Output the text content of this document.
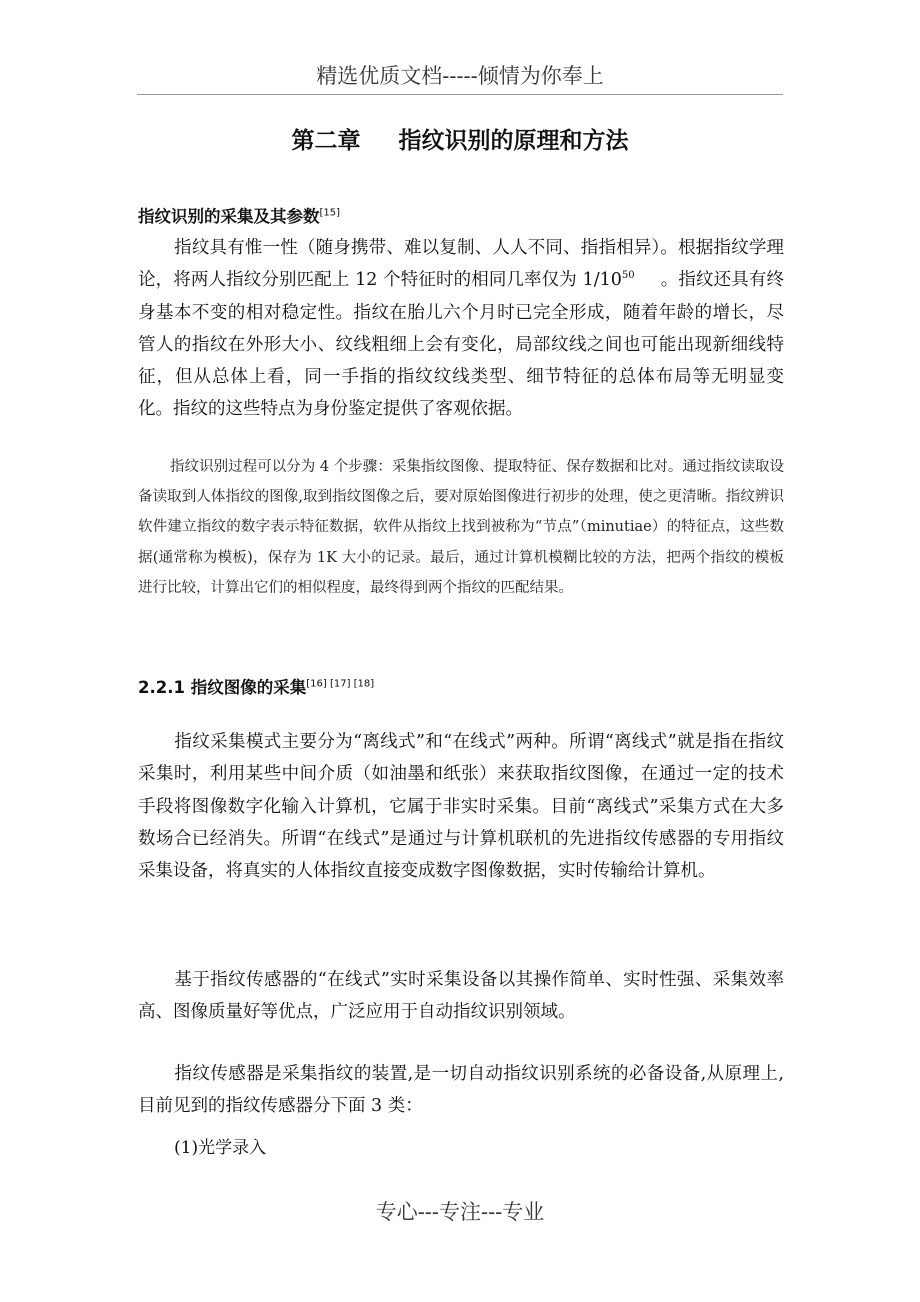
精选优质文档-----倾情为你奉上
第二章 指纹识别的原理和方法
指纹识别的采集及其参数[15]

指纹具有惟一性（随身携带、难以复制、人人不同、指指相异）。根据指纹学理论，将两人指纹分别匹配上 12 个特征时的相同几率仅为 $1/10^{50}$ 。指纹还具有终身基本不变的相对稳定性。指纹在胎儿六个月时已完全形成，随着年龄的增长，尽管人的指纹在外形大小、纹线粗细上会有变化，局部纹线之间也可能出现新细线特征，但从总体上看，同一手指的指纹纹线类型、细节特征的总体布局等无明显变化。指纹的这些特点为身份鉴定提供了客观依据。

指纹识别过程可以分为 4 个步骤：采集指纹图像、提取特征、保存数据和比对。通过指纹读取设备读取到人体指纹的图像,取到指纹图像之后，要对原始图像进行初步的处理，使之更清晰。指纹辨识软件建立指纹的数字表示特征数据，软件从指纹上找到被称为“节点”（minutiae）的特征点，这些数据(通常称为模板)，保存为 1K 大小的记录。最后，通过计算机模糊比较的方法，把两个指纹的模板进行比较，计算出它们的相似程度，最终得到两个指纹的匹配结果。

2.2.1 指纹图像的采集[16] [17] [18]

指纹采集模式主要分为“离线式”和“在线式”两种。所谓“离线式”就是指在指纹采集时，利用某些中间介质（如油墨和纸张）来获取指纹图像，在通过一定的技术手段将图像数字化输入计算机，它属于非实时采集。目前“离线式”采集方式在大多数场合已经消失。所谓“在线式”是通过与计算机联机的先进指纹传感器的专用指纹采集设备，将真实的人体指纹直接变成数字图像数据，实时传输给计算机。

基于指纹传感器的“在线式”实时采集设备以其操作简单、实时性强、采集效率高、图像质量好等优点，广泛应用于自动指纹识别领域。

指纹传感器是采集指纹的装置,是一切自动指纹识别系统的必备设备,从原理上,目前见到的指纹传感器分下面 3 类：

(1)光学录入
专心---专注---专业
